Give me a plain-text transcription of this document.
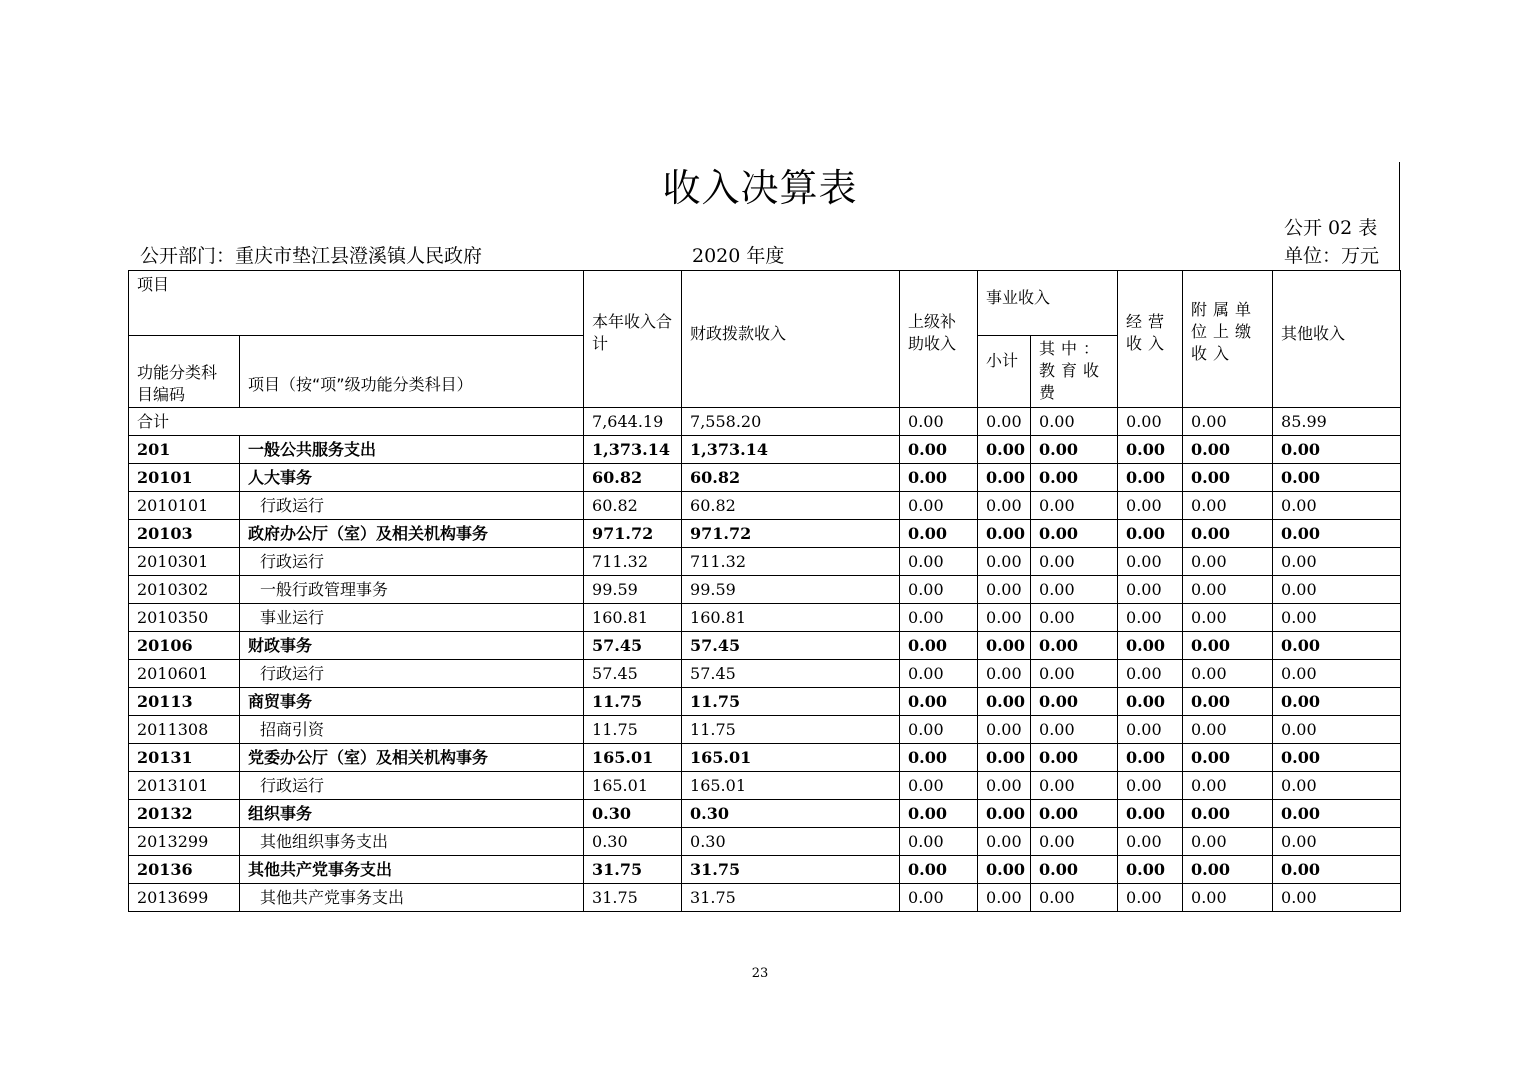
收入决算表
公开部门：重庆市垫江县澄溪镇人民政府	2020 年度
公开 02 表
单位：万元
项目		本年收入合计	财政拨款收入	上级补助收入	事业收入		经营收入	附属单位上缴收入	其他收入
功能分类科目编码	项目（按“项”级功能分类科目）				小计	其中：教育收费			

合计		7,644.19	7,558.20	0.00	0.00	0.00	0.00	0.00	85.99
201	一般公共服务支出	1,373.14	1,373.14	0.00	0.00	0.00	0.00	0.00	0.00
20101	人大事务	60.82	60.82	0.00	0.00	0.00	0.00	0.00	0.00
2010101	行政运行	60.82	60.82	0.00	0.00	0.00	0.00	0.00	0.00
20103	政府办公厅（室）及相关机构事务	971.72	971.72	0.00	0.00	0.00	0.00	0.00	0.00
2010301	行政运行	711.32	711.32	0.00	0.00	0.00	0.00	0.00	0.00
2010302	一般行政管理事务	99.59	99.59	0.00	0.00	0.00	0.00	0.00	0.00
2010350	事业运行	160.81	160.81	0.00	0.00	0.00	0.00	0.00	0.00
20106	财政事务	57.45	57.45	0.00	0.00	0.00	0.00	0.00	0.00
2010601	行政运行	57.45	57.45	0.00	0.00	0.00	0.00	0.00	0.00
20113	商贸事务	11.75	11.75	0.00	0.00	0.00	0.00	0.00	0.00
2011308	招商引资	11.75	11.75	0.00	0.00	0.00	0.00	0.00	0.00
20131	党委办公厅（室）及相关机构事务	165.01	165.01	0.00	0.00	0.00	0.00	0.00	0.00
2013101	行政运行	165.01	165.01	0.00	0.00	0.00	0.00	0.00	0.00
20132	组织事务	0.30	0.30	0.00	0.00	0.00	0.00	0.00	0.00
2013299	其他组织事务支出	0.30	0.30	0.00	0.00	0.00	0.00	0.00	0.00
20136	其他共产党事务支出	31.75	31.75	0.00	0.00	0.00	0.00	0.00	0.00
2013699	其他共产党事务支出	31.75	31.75	0.00	0.00	0.00	0.00	0.00	0.00
23
